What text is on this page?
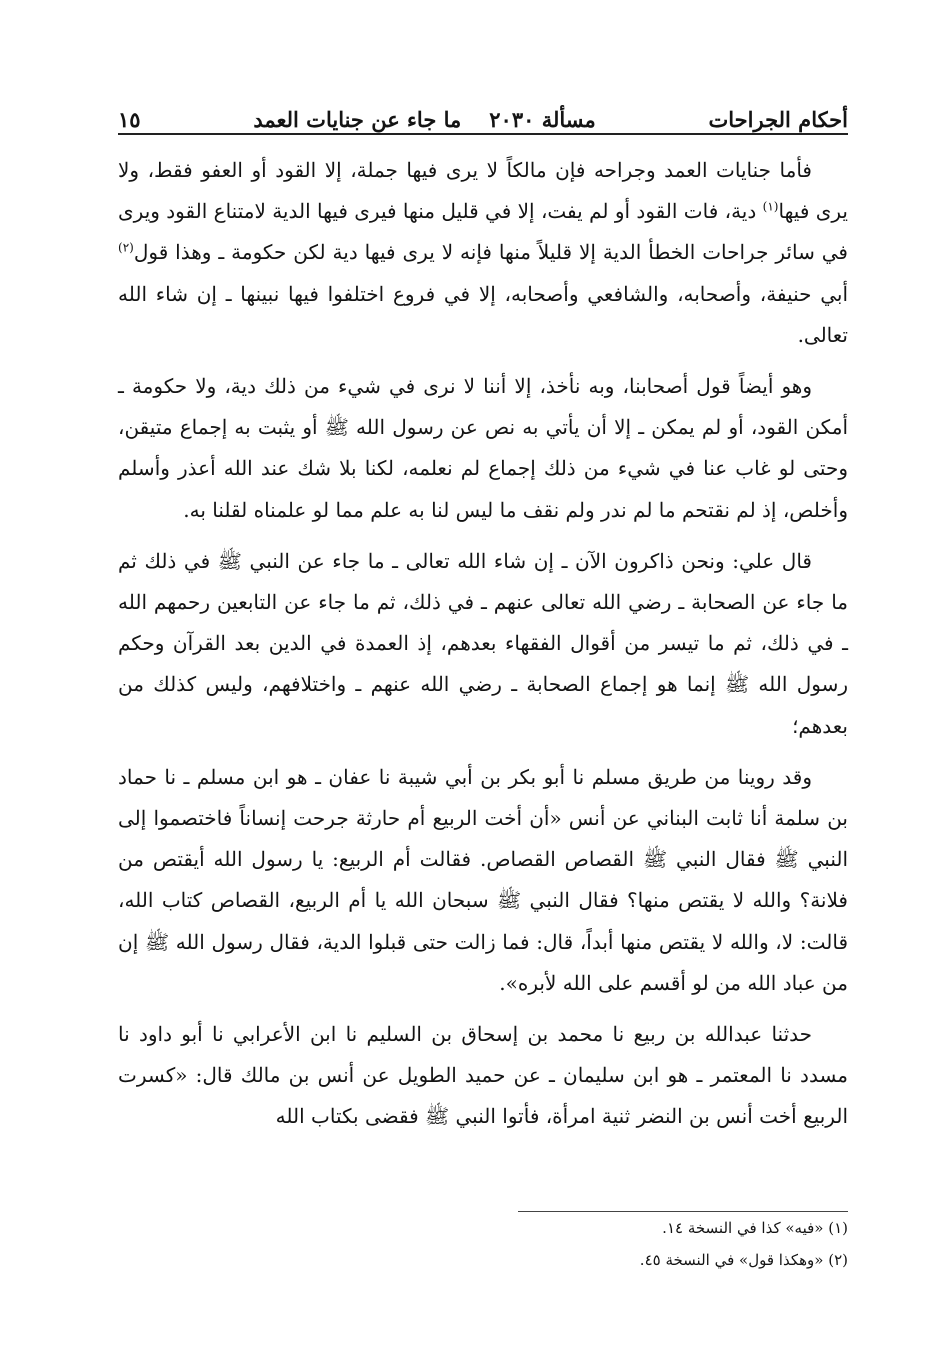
أحكام الجراحات
مسألة ٢٠٣٠
ما جاء عن جنايات العمد
١٥

فأما جنايات العمد وجراحه فإن مالكاً لا يرى فيها جملة، إلا القود أو العفو فقط، ولا يرى فيها$^{(١)}$ دية، فات القود أو لم يفت، إلا في قليل منها فيرى فيها الدية لامتناع القود ويرى في سائر جراحات الخطأ الدية إلا قليلاً منها فإنه لا يرى فيها دية لكن حكومة ـ وهذا قول$^{(٢)}$ أبي حنيفة، وأصحابه، والشافعي وأصحابه، إلا في فروع اختلفوا فيها نبينها ـ إن شاء الله تعالى.

وهو أيضاً قول أصحابنا، وبه نأخذ، إلا أننا لا نرى في شيء من ذلك دية، ولا حكومة ـ أمكن القود، أو لم يمكن ـ إلا أن يأتي به نص عن رسول الله ﷺ أو يثبت به إجماع متيقن، وحتى لو غاب عنا في شيء من ذلك إجماع لم نعلمه، لكنا بلا شك عند الله أعذر وأسلم وأخلص، إذ لم نقتحم ما لم ندر ولم نقف ما ليس لنا به علم مما لو علمناه لقلنا به.

قال علي: ونحن ذاكرون الآن ـ إن شاء الله تعالى ـ ما جاء عن النبي ﷺ في ذلك ثم ما جاء عن الصحابة ـ رضي الله تعالى عنهم ـ في ذلك، ثم ما جاء عن التابعين رحمهم الله ـ في ذلك، ثم ما تيسر من أقوال الفقهاء بعدهم، إذ العمدة في الدين بعد القرآن وحكم رسول الله ﷺ إنما هو إجماع الصحابة ـ رضي الله عنهم ـ واختلافهم، وليس كذلك من بعدهم؛

وقد روينا من طريق مسلم نا أبو بكر بن أبي شيبة نا عفان ـ هو ابن مسلم ـ نا حماد بن سلمة أنا ثابت البناني عن أنس «أن أخت الربيع أم حارثة جرحت إنساناً فاختصموا إلى النبي ﷺ فقال النبي ﷺ القصاص القصاص. فقالت أم الربيع: يا رسول الله أيقتص من فلانة؟ والله لا يقتص منها؟ فقال النبي ﷺ سبحان الله يا أم الربيع، القصاص كتاب الله، قالت: لا، والله لا يقتص منها أبداً، قال: فما زالت حتى قبلوا الدية، فقال رسول الله ﷺ إن من عباد الله من لو أقسم على الله لأبره».

حدثنا عبدالله بن ربيع نا محمد بن إسحاق بن السليم نا ابن الأعرابي نا أبو داود نا مسدد نا المعتمر ـ هو ابن سليمان ـ عن حميد الطويل عن أنس بن مالك قال: «كسرت الربيع أخت أنس بن النضر ثنية امرأة، فأتوا النبي ﷺ فقضى بكتاب الله

(١) «فيه» كذا في النسخة ١٤.
(٢) «وهكذا قول» في النسخة ٤٥.
